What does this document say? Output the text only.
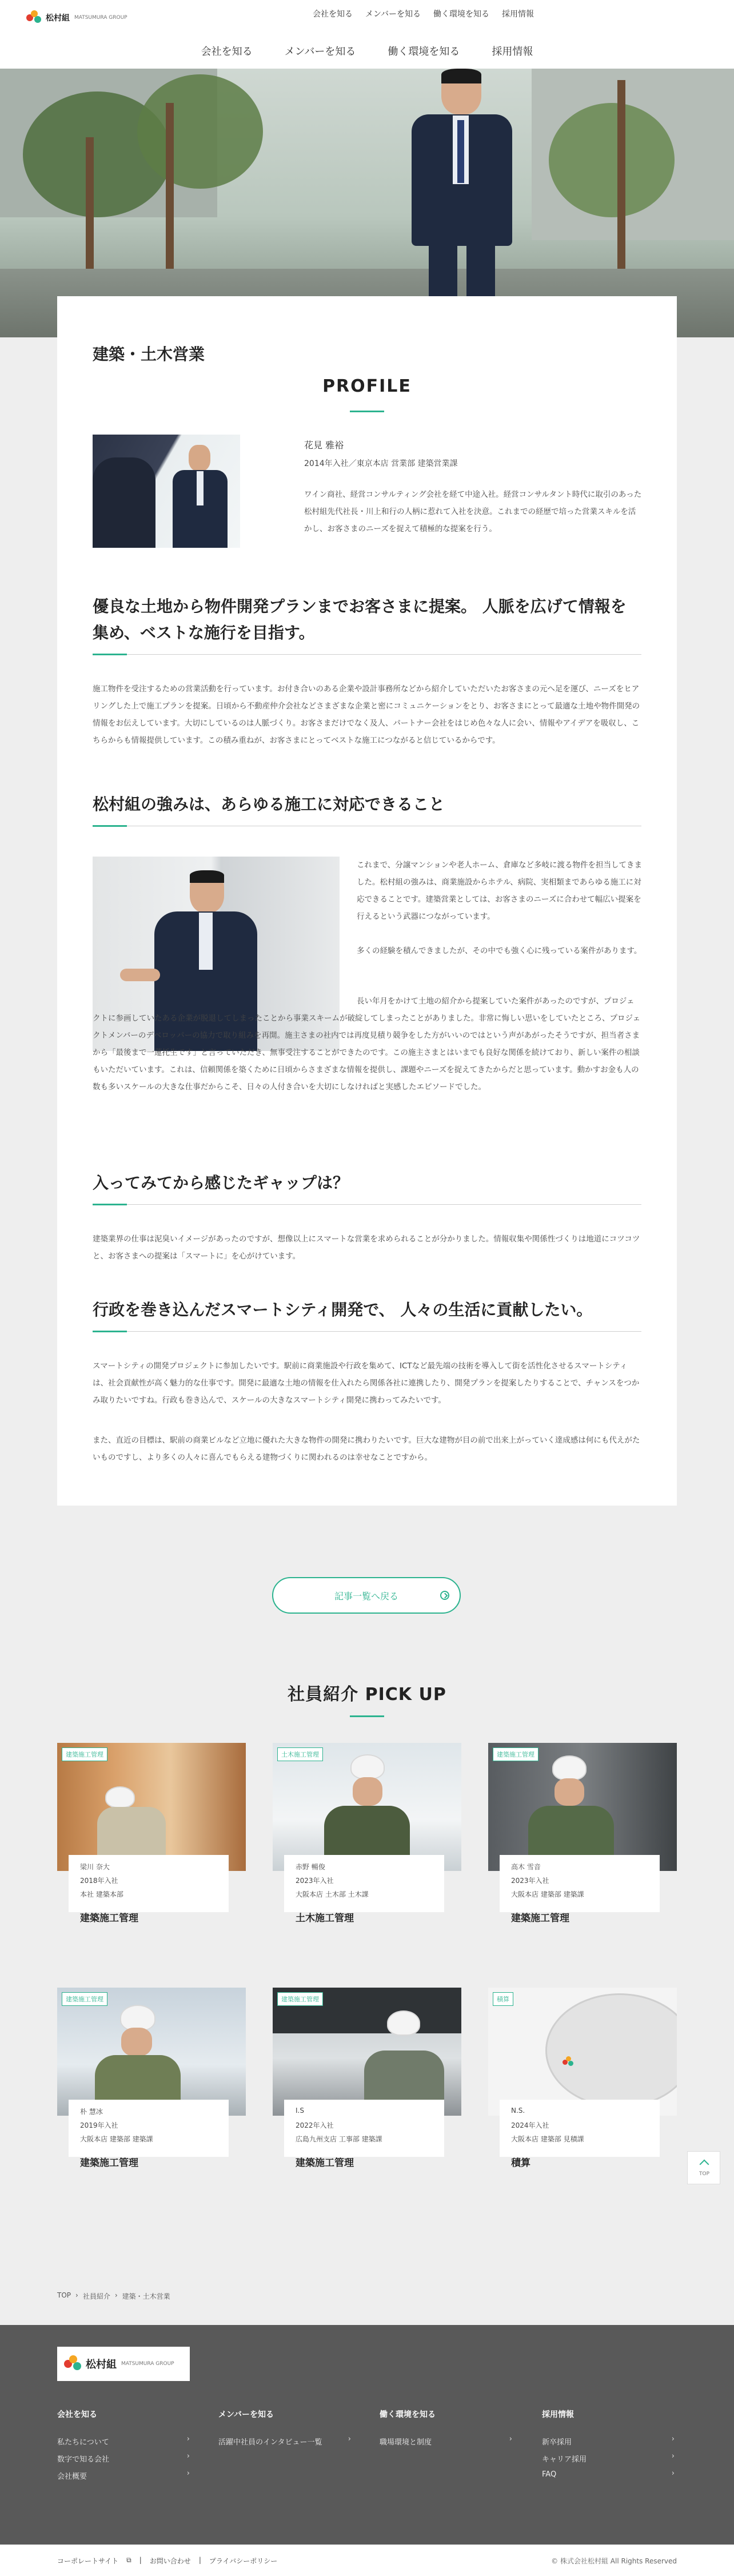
松村組 MATSUMURA GROUP	会社を知る メンバーを知る 働く環境を知る 採用情報
会社を知る	メンバーを知る	働く環境を知る	採用情報
建築・土木営業
PROFILE
花見 雅裕
2014年入社／東京本店 営業部 建築営業課
ワイン商社、経営コンサルティング会社を経て中途入社。経営コンサルタント時代に取引のあった松村組先代社長・川上和行の人柄に惹れて入社を決意。これまでの経歴で培った営業スキルを活かし、お客さまのニーズを捉えて積極的な提案を行う。
優良な土地から物件開発プランまでお客さまに提案。 人脈を広げて情報を集め、ベストな施行を目指す。
施工物件を受注するための営業活動を行っています。お付き合いのある企業や設計事務所などから紹介していただいたお客さまの元へ足を運び、ニーズをヒアリングした上で施工プランを提案。日頃から不動産仲介会社などさまざまな企業と密にコミュニケーションをとり、お客さまにとって最適な土地や物件開発の情報をお伝えしています。大切にしているのは人脈づくり。お客さまだけでなく及人、パートナー会社をはじめ色々な人に会い、情報やアイデアを吸収し、こちらからも情報提供しています。この積み重ねが、お客さまにとってベストな施工につながると信じているからです。
松村組の強みは、あらゆる施工に対応できること
これまで、分譲マンションや老人ホーム、倉庫など多岐に渡る物件を担当してきました。松村組の強みは、商業施設からホテル、病院、実相類まであらゆる施工に対応できることです。建築営業としては、お客さまのニーズに合わせて幅広い提案を行えるという武器につながっています。
多くの経験を積んできましたが、その中でも強く心に残っている案件があります。
長い年月をかけて土地の紹介から提案していた案件があったのですが、プロジェクトに参画していたある企業が脱退してしまったことから事業スキームが破綻してしまったことがありました。非常に悔しい思いをしていたところ、プロジェクトメンバーのデベロッパーの協力で取り組みを再開。施主さまの社内では再度見積り競争をした方がいいのではという声があがったそうですが、担当者さまから「最後まで一蓮托生です」と言っていただき、無事受注することができたのです。この施主さまとはいまでも良好な関係を続けており、新しい案件の相談もいただいています。これは、信頼関係を築くために日頃からさまざまな情報を提供し、課題やニーズを捉えてきたからだと思っています。動かすお金も人の数も多いスケールの大きな仕事だからこそ、日々の人付き合いを大切にしなければと実感したエピソードでした。
入ってみてから感じたギャップは？
建築業界の仕事は泥臭いイメージがあったのですが、想像以上にスマートな営業を求められることが分かりました。情報収集や関係性づくりは地道にコツコツと、お客さまへの提案は「スマートに」を心がけています。
行政を巻き込んだスマートシティ開発で、 人々の生活に貢献したい。
スマートシティの開発プロジェクトに参加したいです。駅前に商業施設や行政を集めて、ICTなど最先端の技術を導入して街を活性化させるスマートシティは、社会貢献性が高く魅力的な仕事です。開発に最適な土地の情報を仕入れたら関係各社に連携したり、開発プランを提案したりすることで、チャンスをつかみ取りたいですね。行政も巻き込んで、スケールの大きなスマートシティ開発に携わってみたいです。
また、直近の目標は、駅前の商業ビルなど立地に優れた大きな物件の開発に携わりたいです。巨大な建物が目の前で出来上がっていく達成感は何にも代えがたいものですし、より多くの人々に喜んでもらえる建物づくりに関われるのは幸せなことですから。
記事一覧へ戻る
社員紹介 PICK UP
建築施工管理
梁川 奈大
2018年入社
本社 建築本部
建築施工管理
土木施工管理
赤野 暢俊
2023年入社
大阪本店 土木部 土木課
土木施工管理
建築施工管理
高木 雪音
2023年入社
大阪本店 建築部 建築課
建築施工管理
建築施工管理
朴 慧冰
2019年入社
大阪本店 建築部 建築課
建築施工管理
建築施工管理
I.S
2022年入社
広島九州支店 工事部 建築課
建築施工管理
積算
N.S.
2024年入社
大阪本店 建築部 見積課
積算
TOP
TOP › 社員紹介 › 建築・土木営業
松村組 MATSUMURA GROUP
会社を知る
私たちについて ›
数字で知る会社 ›
会社概要 ›
メンバーを知る
活躍中社員のインタビュー一覧 ›
働く環境を知る
職場環境と制度 ›
採用情報
新卒採用 ›
キャリア採用 ›
FAQ ›
コーポレートサイト ⧉ | お問い合わせ | プライバシーポリシー	© 株式会社松村組 All Rights Reserved
